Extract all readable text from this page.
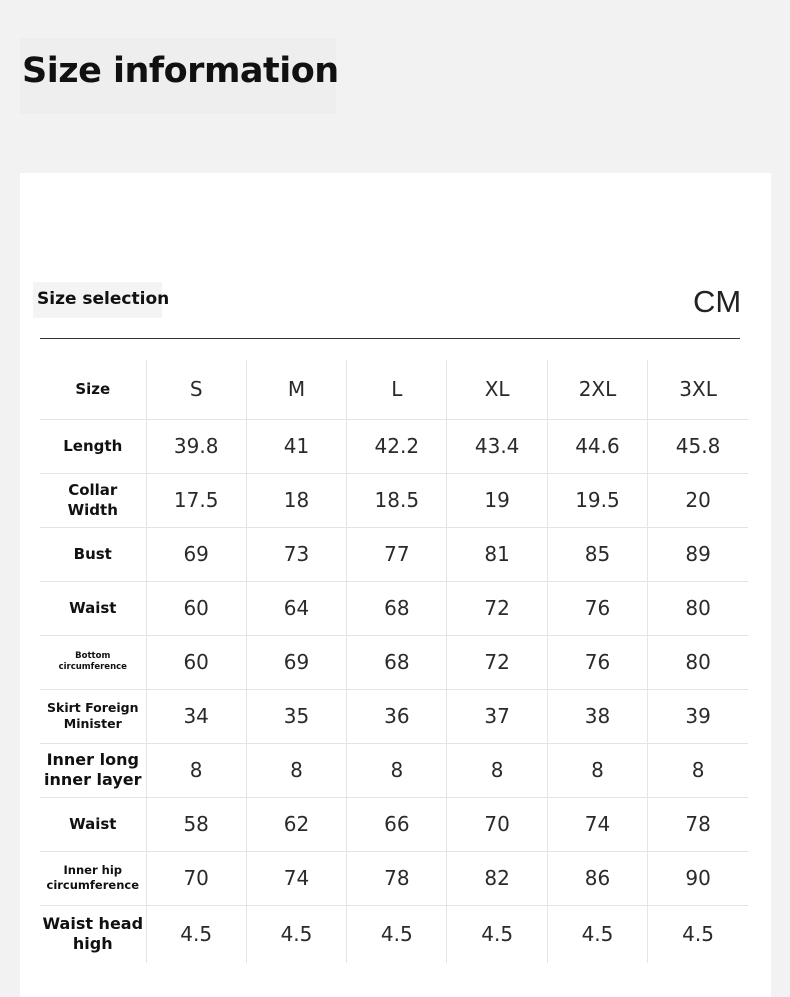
Size information
Size selection	CM
Size	S	M	L	XL	2XL	3XL
Length	39.8	41	42.2	43.4	44.6	45.8
Collar
Width	17.5	18	18.5	19	19.5	20
Bust	69	73	77	81	85	89
Waist	60	64	68	72	76	80
Bottom
circumference	60	69	68	72	76	80
Skirt Foreign
Minister	34	35	36	37	38	39
Inner long
inner layer	8	8	8	8	8	8
Waist	58	62	66	70	74	78
Inner hip
circumference	70	74	78	82	86	90
Waist head
high	4.5	4.5	4.5	4.5	4.5	4.5
